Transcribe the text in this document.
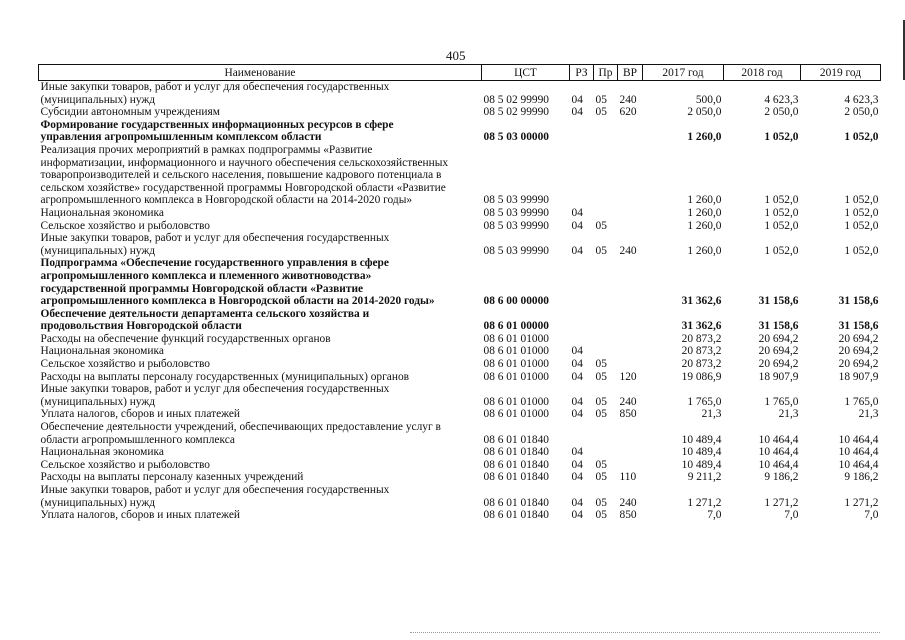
405
Наименование	ЦСТ	РЗ	Пр	ВР	2017 год	2018 год	2019 год
Иные закупки товаров, работ и услуг для обеспечения государственных (муниципальных) нужд	08 5 02 99990	04	05	240	500,0	4 623,3	4 623,3
Субсидии автономным учреждениям	08 5 02 99990	04	05	620	2 050,0	2 050,0	2 050,0
Формирование государственных информационных ресурсов в сфере управления агропромышленным комплексом области	08 5 03 00000				1 260,0	1 052,0	1 052,0
Реализация прочих мероприятий в рамках подпрограммы «Развитие информатизации, информационного и научного обеспечения сельскохозяйственных товаропроизводителей и сельского населения, повышение кадрового потенциала в сельском хозяйстве» государственной программы Новгородской области «Развитие агропромышленного комплекса в Новгородской области на 2014-2020 годы»	08 5 03 99990				1 260,0	1 052,0	1 052,0
Национальная экономика	08 5 03 99990	04			1 260,0	1 052,0	1 052,0
Сельское хозяйство и рыболовство	08 5 03 99990	04	05		1 260,0	1 052,0	1 052,0
Иные закупки товаров, работ и услуг для обеспечения государственных (муниципальных) нужд	08 5 03 99990	04	05	240	1 260,0	1 052,0	1 052,0
Подпрограмма «Обеспечение государственного управления в сфере агропромышленного комплекса и племенного животноводства» государственной программы Новгородской области «Развитие агропромышленного комплекса в Новгородской области на 2014-2020 годы»	08 6 00 00000				31 362,6	31 158,6	31 158,6
Обеспечение деятельности департамента сельского хозяйства и продовольствия Новгородской области	08 6 01 00000				31 362,6	31 158,6	31 158,6
Расходы на обеспечение функций государственных органов	08 6 01 01000				20 873,2	20 694,2	20 694,2
Национальная экономика	08 6 01 01000	04			20 873,2	20 694,2	20 694,2
Сельское хозяйство и рыболовство	08 6 01 01000	04	05		20 873,2	20 694,2	20 694,2
Расходы на выплаты персоналу государственных (муниципальных) органов	08 6 01 01000	04	05	120	19 086,9	18 907,9	18 907,9
Иные закупки товаров, работ и услуг для обеспечения государственных (муниципальных) нужд	08 6 01 01000	04	05	240	1 765,0	1 765,0	1 765,0
Уплата налогов, сборов и иных платежей	08 6 01 01000	04	05	850	21,3	21,3	21,3
Обеспечение деятельности учреждений, обеспечивающих предоставление услуг в области агропромышленного комплекса	08 6 01 01840				10 489,4	10 464,4	10 464,4
Национальная экономика	08 6 01 01840	04			10 489,4	10 464,4	10 464,4
Сельское хозяйство и рыболовство	08 6 01 01840	04	05		10 489,4	10 464,4	10 464,4
Расходы на выплаты персоналу казенных учреждений	08 6 01 01840	04	05	110	9 211,2	9 186,2	9 186,2
Иные закупки товаров, работ и услуг для обеспечения государственных (муниципальных) нужд	08 6 01 01840	04	05	240	1 271,2	1 271,2	1 271,2
Уплата налогов, сборов и иных платежей	08 6 01 01840	04	05	850	7,0	7,0	7,0
